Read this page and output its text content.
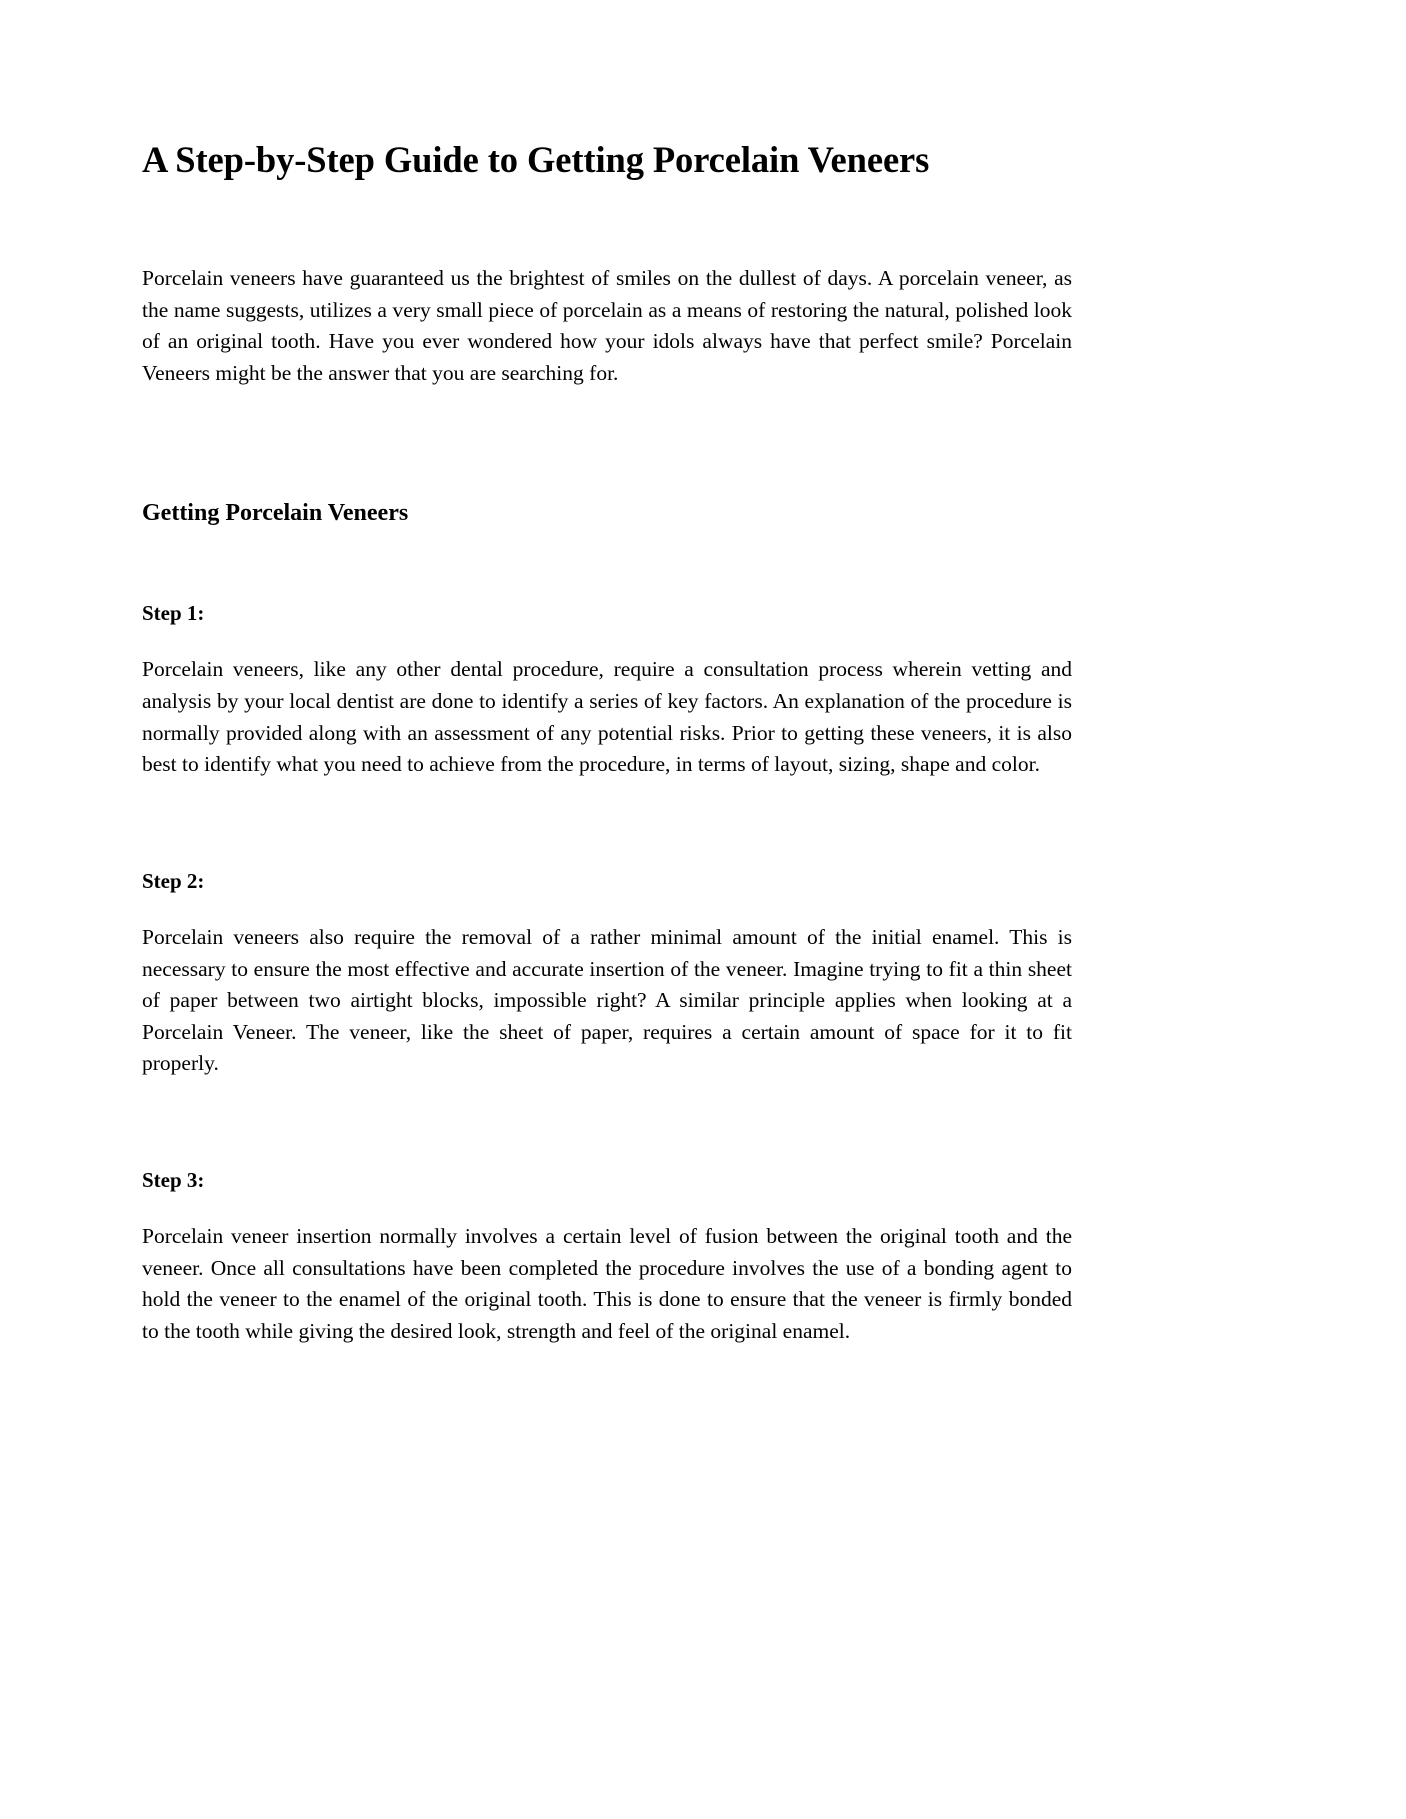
A Step-by-Step Guide to Getting Porcelain Veneers

Porcelain veneers have guaranteed us the brightest of smiles on the dullest of days. A porcelain veneer, as the name suggests, utilizes a very small piece of porcelain as a means of restoring the natural, polished look of an original tooth. Have you ever wondered how your idols always have that perfect smile? Porcelain Veneers might be the answer that you are searching for.

Getting Porcelain Veneers
Step 1:

Porcelain veneers, like any other dental procedure, require a consultation process wherein vetting and analysis by your local dentist are done to identify a series of key factors. An explanation of the procedure is normally provided along with an assessment of any potential risks. Prior to getting these veneers, it is also best to identify what you need to achieve from the procedure, in terms of layout, sizing, shape and color.

Step 2:

Porcelain veneers also require the removal of a rather minimal amount of the initial enamel. This is necessary to ensure the most effective and accurate insertion of the veneer. Imagine trying to fit a thin sheet of paper between two airtight blocks, impossible right? A similar principle applies when looking at a Porcelain Veneer. The veneer, like the sheet of paper, requires a certain amount of space for it to fit properly.

Step 3:

Porcelain veneer insertion normally involves a certain level of fusion between the original tooth and the veneer. Once all consultations have been completed the procedure involves the use of a bonding agent to hold the veneer to the enamel of the original tooth. This is done to ensure that the veneer is firmly bonded to the tooth while giving the desired look, strength and feel of the original enamel.
